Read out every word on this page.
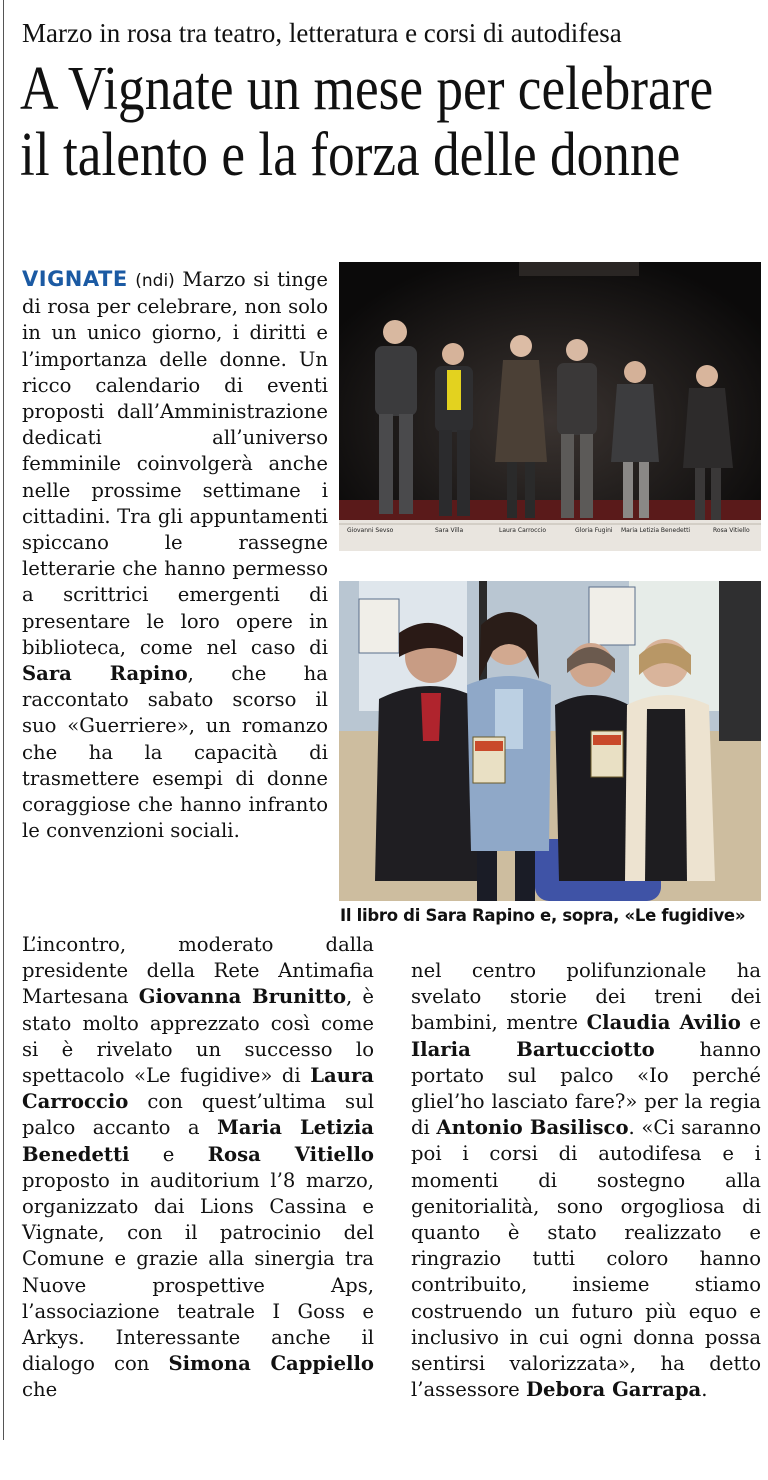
Marzo in rosa tra teatro, letteratura e corsi di autodifesa
A Vignate un mese per celebrare
il talento e la forza delle donne

VIGNATE (ndi) Marzo si tinge di rosa per celebrare, non solo in un unico giorno, i diritti e l’importanza delle donne. Un ricco calendario di eventi proposti dall’Amministrazione dedicati all’universo femminile coinvolgerà anche nelle prossime settimane i cittadini. Tra gli appuntamenti spiccano le rassegne letterarie che hanno permesso a scrittrici emergenti di presentare le loro opere in biblioteca, come nel caso di Sara Rapino, che ha raccontato sabato scorso il suo «Guerriere», un romanzo che ha la capacità di trasmettere esempi di donne coraggiose che hanno infranto le convenzioni sociali.

L’incontro, moderato dalla presidente della Rete Antimafia Martesana Giovanna Brunitto, è stato molto apprezzato così come si è rivelato un successo lo spettacolo «Le fugidive» di Laura Carroccio con quest’ultima sul palco accanto a Maria Letizia Benedetti e Rosa Vitiello proposto in auditorium l’8 marzo, organizzato dai Lions Cassina e Vignate, con il patrocinio del Comune e grazie alla sinergia tra Nuove prospettive Aps, l’associazione teatrale I Goss e Arkys. Interessante anche il dialogo con Simona Cappiello che

nel centro polifunzionale ha svelato storie dei treni dei bambini, mentre Claudia Avilio e Ilaria Bartucciotto hanno portato sul palco «Io perché gliel’ho lasciato fare?» per la regia di Antonio Basilisco. «Ci saranno poi i corsi di autodifesa e i momenti di sostegno alla genitorialità, sono orgogliosa di quanto è stato realizzato e ringrazio tutti coloro hanno contribuito, insieme stiamo costruendo un futuro più equo e inclusivo in cui ogni donna possa sentirsi valorizzata», ha detto l’assessore Debora Garrapa.

Giovanni Sevso	Sara Villa	Laura Carroccio	Gloria Fugini Maria Letizia Benedetti	Rosa Vitiello
Il libro di Sara Rapino e, sopra, «Le fugidive»
